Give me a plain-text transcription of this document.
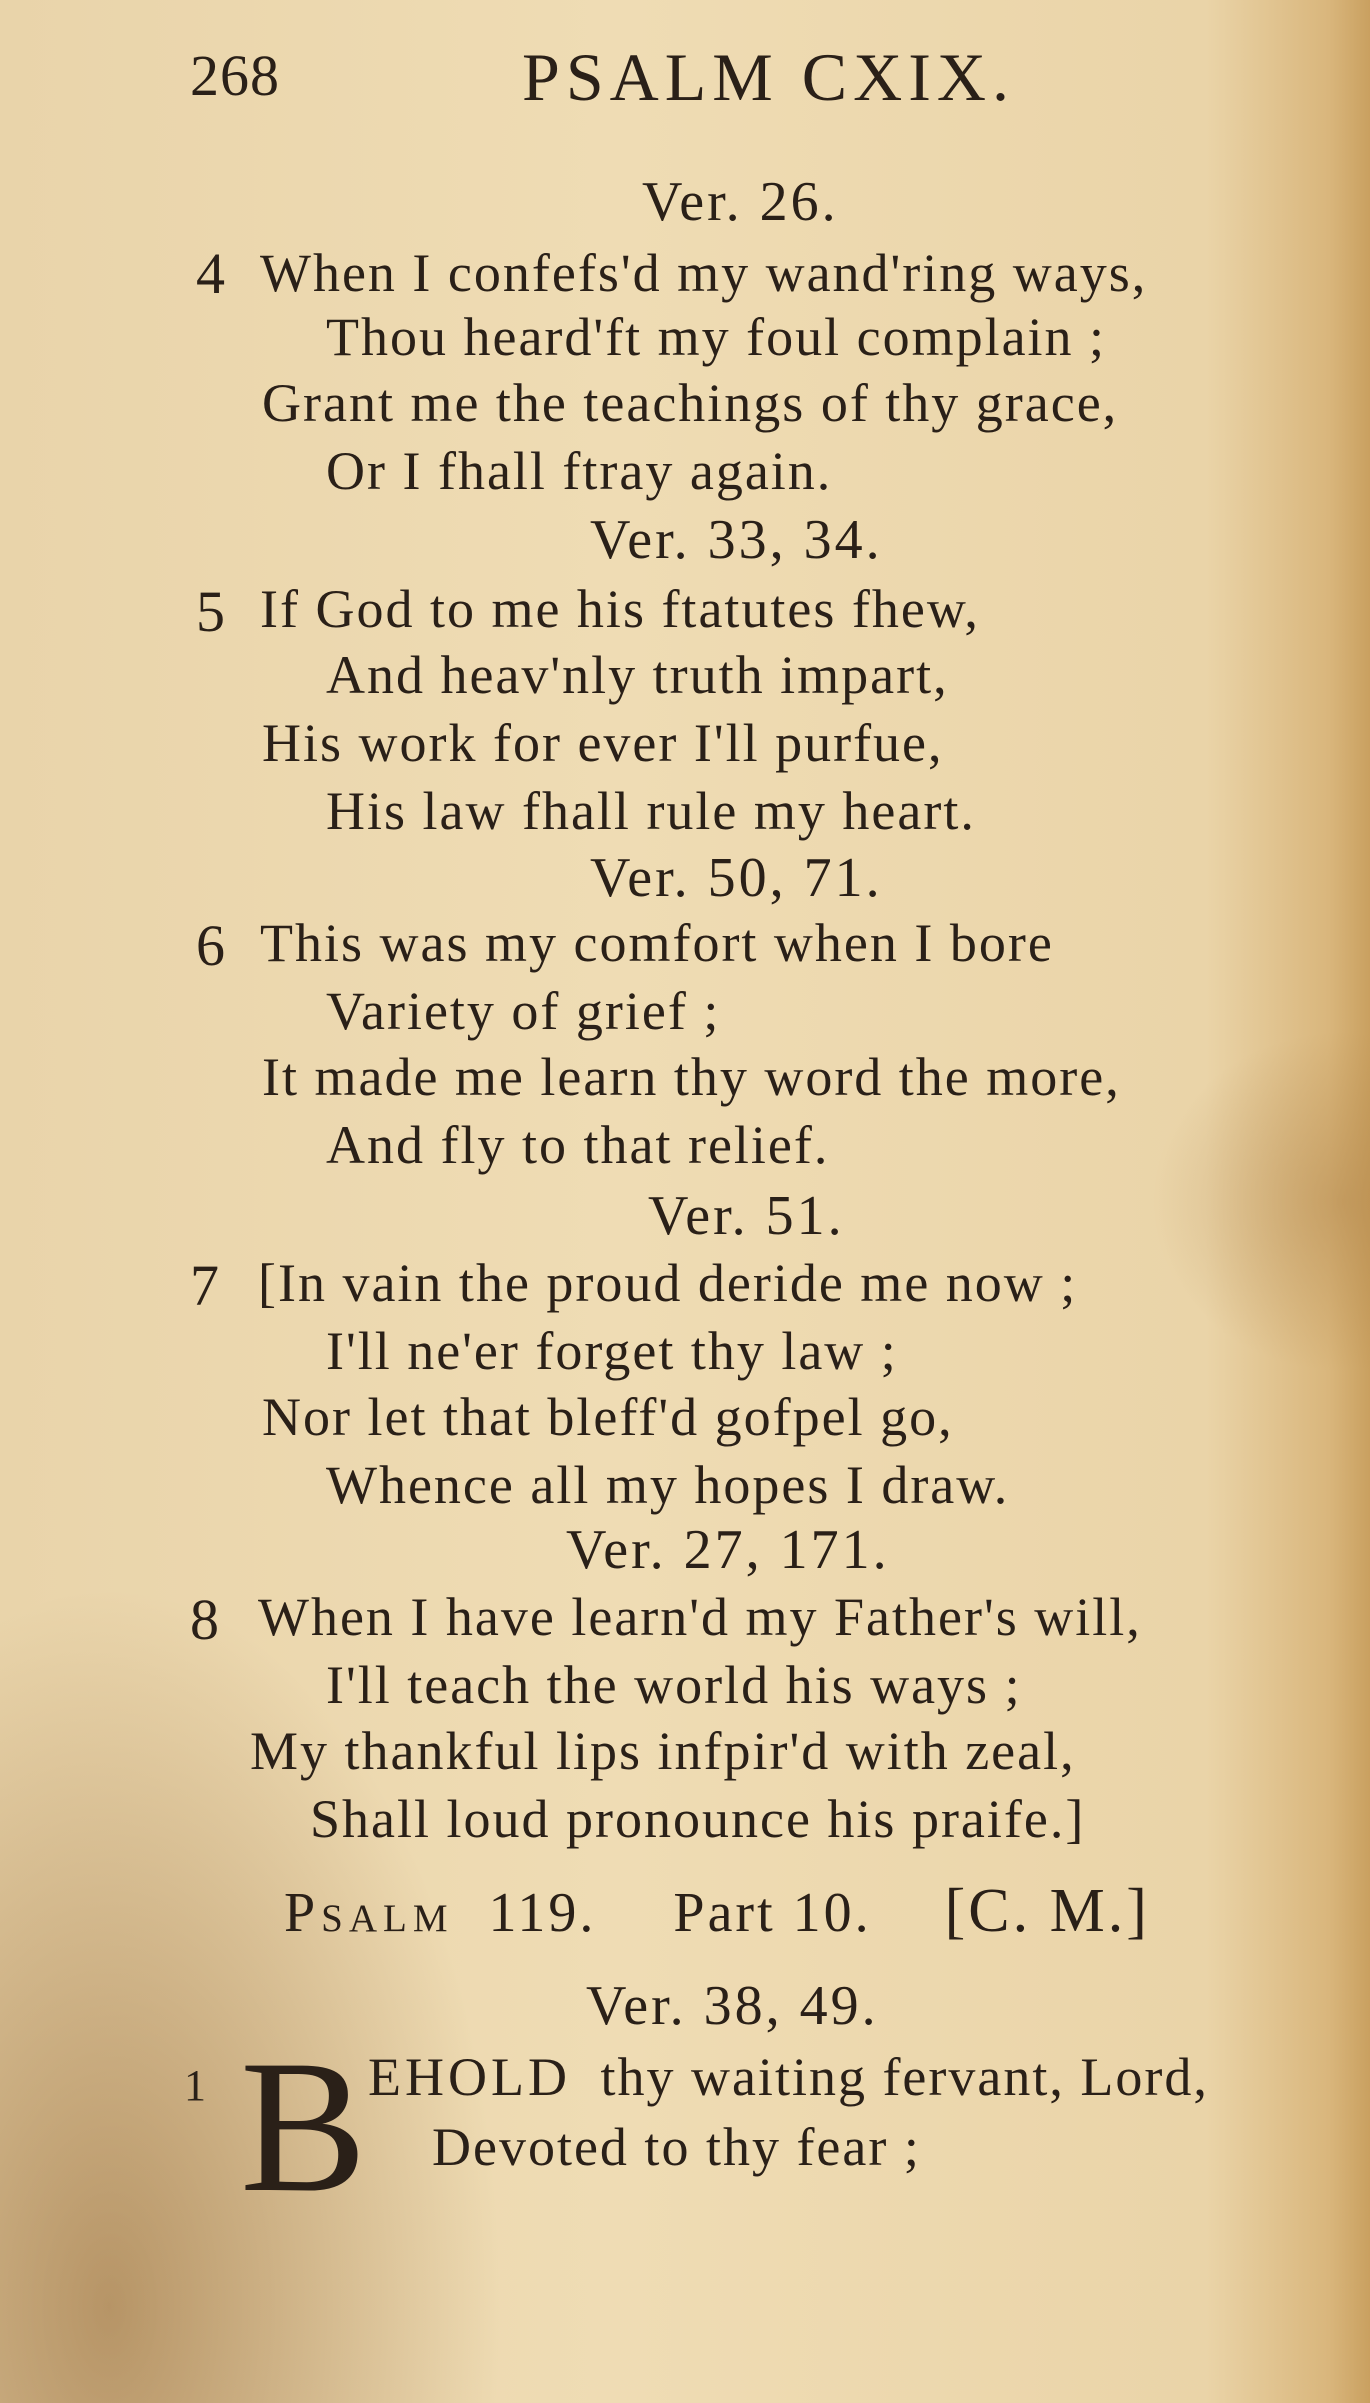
268	PSALM CXIX.
Ver. 26.
4 When I confefs'd my wand'ring ways,
Thou heard'ft my foul complain ;
Grant me the teachings of thy grace,
Or I fhall ftray again.
Ver. 33, 34.
5 If God to me his ftatutes fhew,
And heav'nly truth impart,
His work for ever I'll purfue,
His law fhall rule my heart.
Ver. 50, 71.
6 This was my comfort when I bore
Variety of grief ;
It made me learn thy word the more,
And fly to that relief.
Ver. 51.
7 [In vain the proud deride me now ;
I'll ne'er forget thy law ;
Nor let that bleff'd gofpel go,
Whence all my hopes I draw.
Ver. 27, 171.
8 When I have learn'd my Father's will,
I'll teach the world his ways ;
My thankful lips infpir'd with zeal,
Shall loud pronounce his praife.]
Psalm 119. Part 10. [C. M.]
Ver. 38, 49.
1 B EHOLD thy waiting fervant, Lord,
Devoted to thy fear ;
